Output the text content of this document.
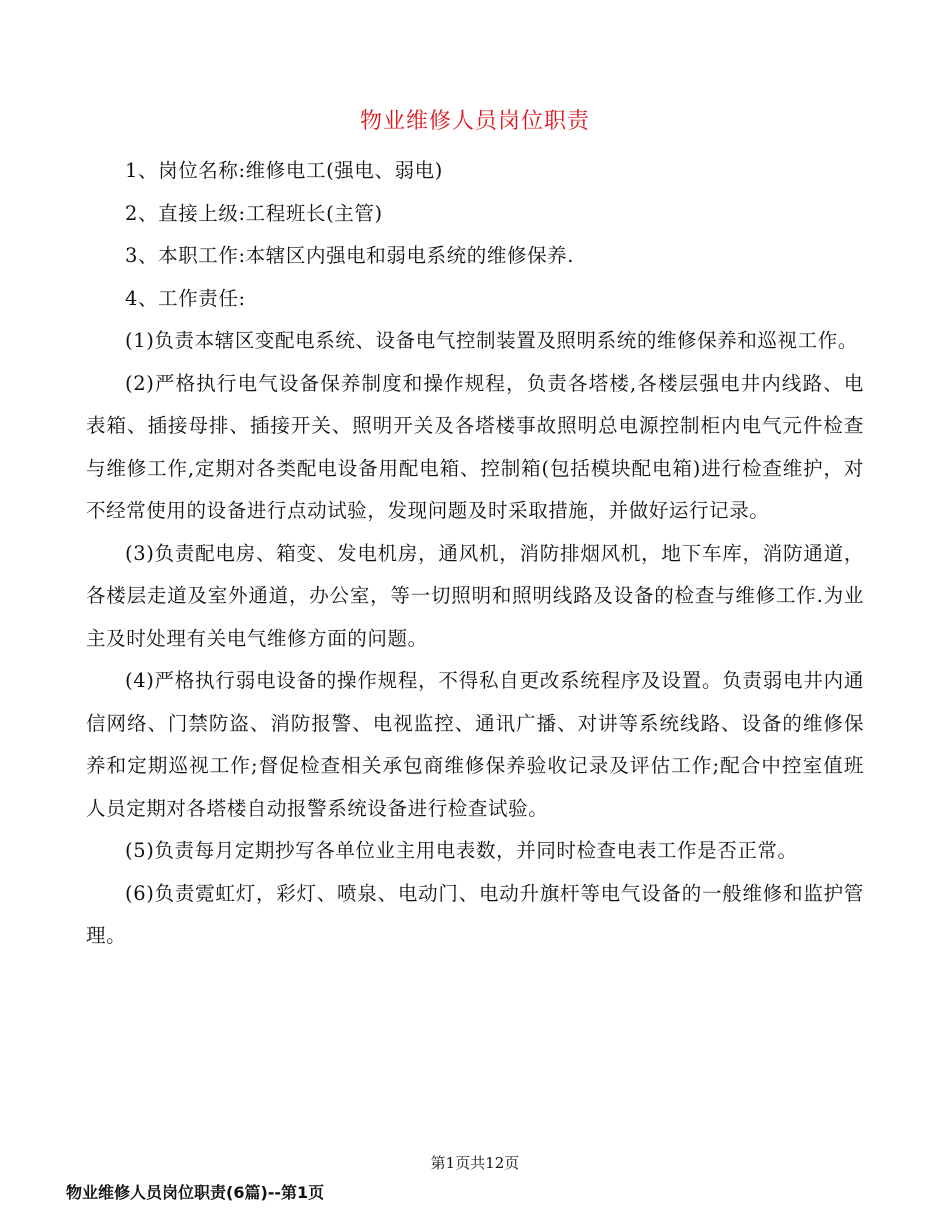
物业维修人员岗位职责

1、岗位名称:维修电工(强电、弱电)

2、直接上级:工程班长(主管)

3、本职工作:本辖区内强电和弱电系统的维修保养.

4、工作责任:

(1)负责本辖区变配电系统、设备电气控制装置及照明系统的维修保养和巡视工作。

(2)严格执行电气设备保养制度和操作规程，负责各塔楼,各楼层强电井内线路、电表箱、插接母排、插接开关、照明开关及各塔楼事故照明总电源控制柜内电气元件检查与维修工作,定期对各类配电设备用配电箱、控制箱(包括模块配电箱)进行检查维护，对不经常使用的设备进行点动试验，发现问题及时采取措施，并做好运行记录。

(3)负责配电房、箱变、发电机房，通风机，消防排烟风机，地下车库，消防通道，各楼层走道及室外通道，办公室，等一切照明和照明线路及设备的检查与维修工作.为业主及时处理有关电气维修方面的问题。

(4)严格执行弱电设备的操作规程，不得私自更改系统程序及设置。负责弱电井内通信网络、门禁防盗、消防报警、电视监控、通讯广播、对讲等系统线路、设备的维修保养和定期巡视工作;督促检查相关承包商维修保养验收记录及评估工作;配合中控室值班人员定期对各塔楼自动报警系统设备进行检查试验。

(5)负责每月定期抄写各单位业主用电表数，并同时检查电表工作是否正常。

(6)负责霓虹灯，彩灯、喷泉、电动门、电动升旗杆等电气设备的一般维修和监护管理。

第1页共12页
物业维修人员岗位职责(6篇)--第1页
